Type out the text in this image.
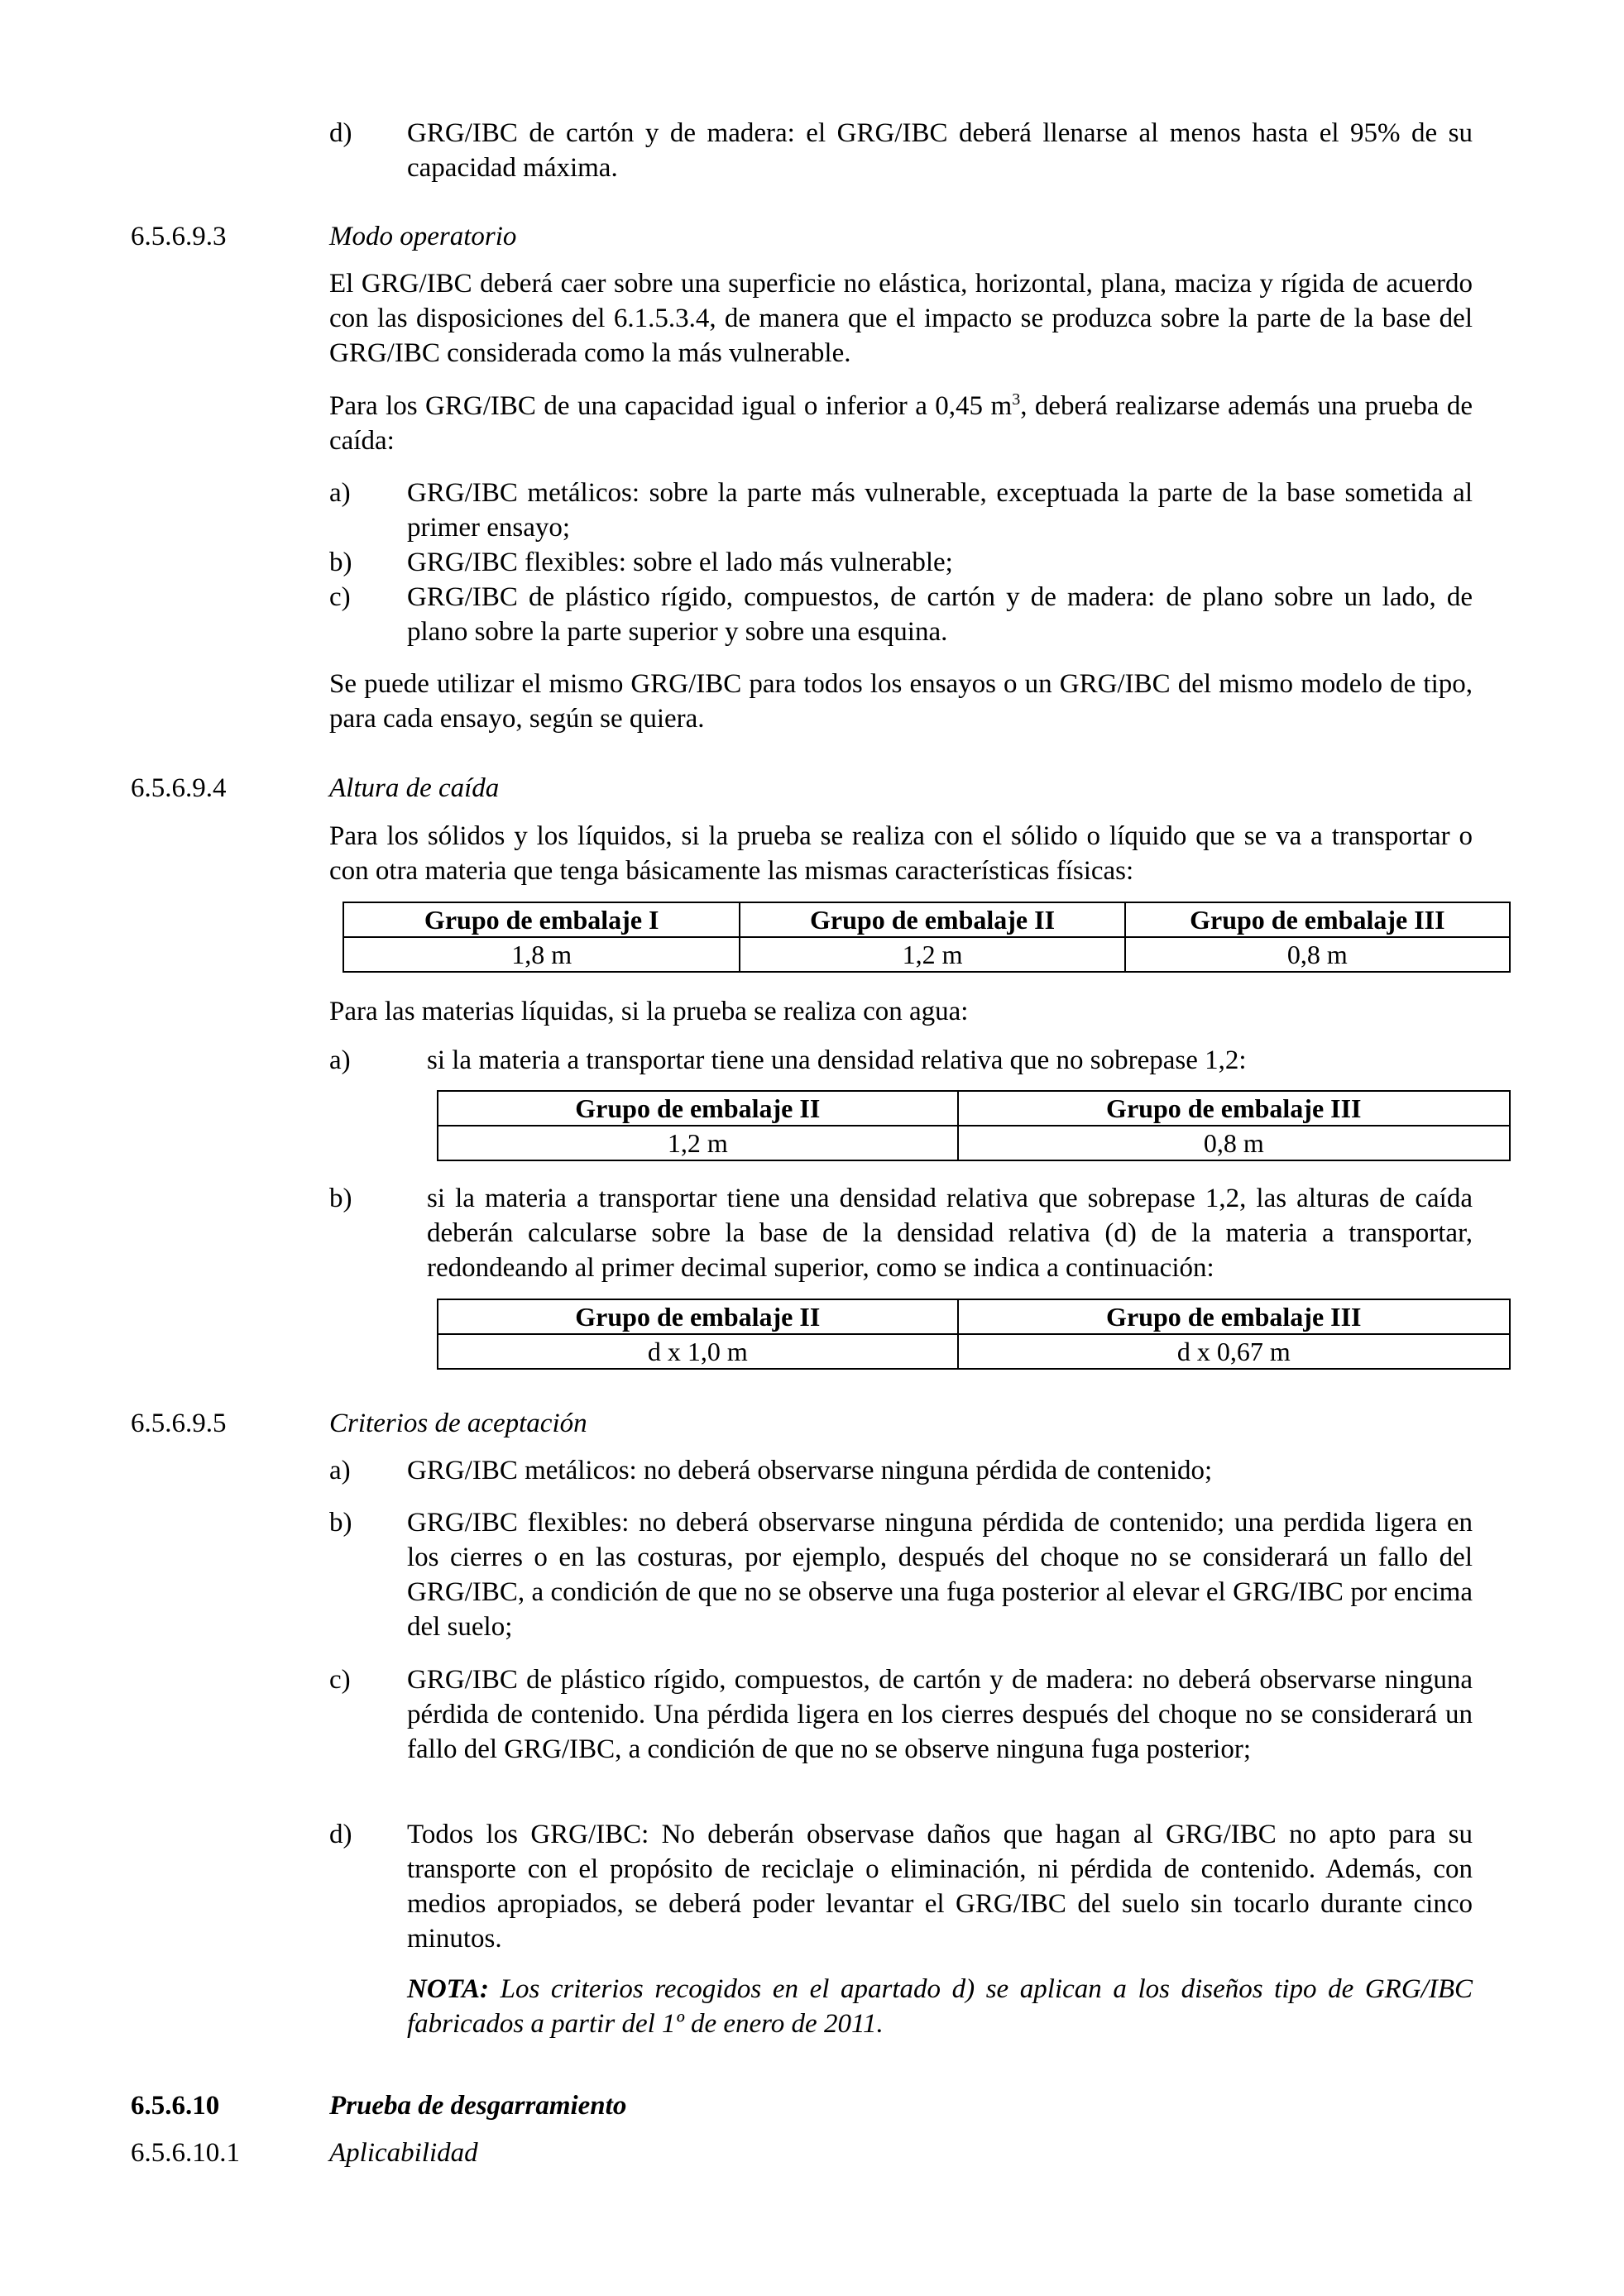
d) GRG/IBC de cartón y de madera: el GRG/IBC deberá llenarse al menos hasta el 95% de su capacidad máxima.
6.5.6.9.3	Modo operatorio
El GRG/IBC deberá caer sobre una superficie no elástica, horizontal, plana, maciza y rígida de acuerdo con las disposiciones del 6.1.5.3.4, de manera que el impacto se produzca sobre la parte de la base del GRG/IBC considerada como la más vulnerable.
Para los GRG/IBC de una capacidad igual o inferior a 0,45 $m^3$, deberá realizarse además una prueba de caída:
a) GRG/IBC metálicos: sobre la parte más vulnerable, exceptuada la parte de la base sometida al primer ensayo;
b) GRG/IBC flexibles: sobre el lado más vulnerable;
c) GRG/IBC de plástico rígido, compuestos, de cartón y de madera: de plano sobre un lado, de plano sobre la parte superior y sobre una esquina.
Se puede utilizar el mismo GRG/IBC para todos los ensayos o un GRG/IBC del mismo modelo de tipo, para cada ensayo, según se quiera.
6.5.6.9.4	Altura de caída
Para los sólidos y los líquidos, si la prueba se realiza con el sólido o líquido que se va a transportar o con otra materia que tenga básicamente las mismas características físicas:
Grupo de embalaje I	Grupo de embalaje II	Grupo de embalaje III
1,8 m	1,2 m	0,8 m
Para las materias líquidas, si la prueba se realiza con agua:
a)	si la materia a transportar tiene una densidad relativa que no sobrepase 1,2:
Grupo de embalaje II	Grupo de embalaje III
1,2 m	0,8 m
b)	si la materia a transportar tiene una densidad relativa que sobrepase 1,2, las alturas de caída deberán calcularse sobre la base de la densidad relativa (d) de la materia a transportar, redondeando al primer decimal superior, como se indica a continuación:
Grupo de embalaje II	Grupo de embalaje III
d x 1,0 m	d x 0,67 m
6.5.6.9.5	Criterios de aceptación
a) GRG/IBC metálicos: no deberá observarse ninguna pérdida de contenido;
b) GRG/IBC flexibles: no deberá observarse ninguna pérdida de contenido; una perdida ligera en los cierres o en las costuras, por ejemplo, después del choque no se considerará un fallo del GRG/IBC, a condición de que no se observe una fuga posterior al elevar el GRG/IBC por encima del suelo;
c) GRG/IBC de plástico rígido, compuestos, de cartón y de madera: no deberá observarse ninguna pérdida de contenido. Una pérdida ligera en los cierres después del choque no se considerará un fallo del GRG/IBC, a condición de que no se observe ninguna fuga posterior;
d) Todos los GRG/IBC: No deberán observase daños que hagan al GRG/IBC no apto para su transporte con el propósito de reciclaje o eliminación, ni pérdida de contenido. Además, con medios apropiados, se deberá poder levantar el GRG/IBC del suelo sin tocarlo durante cinco minutos.
NOTA: Los criterios recogidos en el apartado d) se aplican a los diseños tipo de GRG/IBC fabricados a partir del 1º de enero de 2011.
6.5.6.10	Prueba de desgarramiento
6.5.6.10.1	Aplicabilidad
